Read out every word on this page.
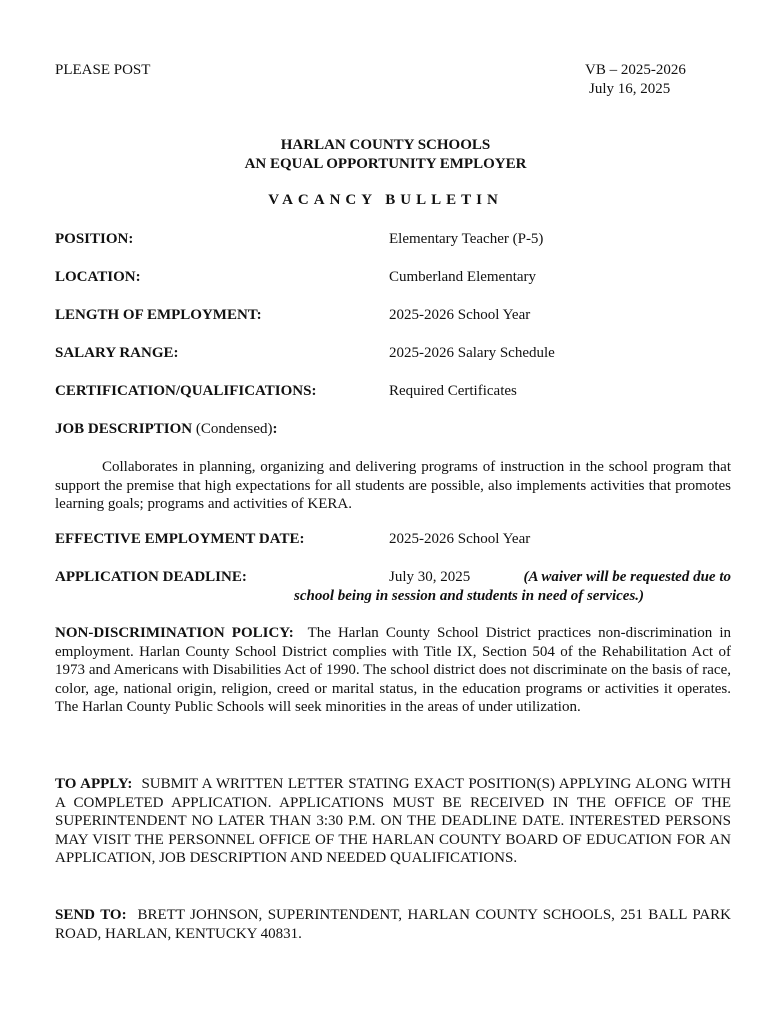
PLEASE POST	VB – 2025-2026
July 16, 2025
HARLAN COUNTY SCHOOLS
AN EQUAL OPPORTUNITY EMPLOYER
VACANCY BULLETIN
POSITION:	Elementary Teacher (P-5)
LOCATION:	Cumberland Elementary
LENGTH OF EMPLOYMENT:	2025-2026 School Year
SALARY RANGE:	2025-2026 Salary Schedule
CERTIFICATION/QUALIFICATIONS:	Required Certificates
JOB DESCRIPTION (Condensed):
Collaborates in planning, organizing and delivering programs of instruction in the school program that support the premise that high expectations for all students are possible, also implements activities that promotes learning goals; programs and activities of KERA.
EFFECTIVE EMPLOYMENT DATE:	2025-2026 School Year
APPLICATION DEADLINE:	July 30, 2025	(A waiver will be requested due to
school being in session and students in need of services.)
NON-DISCRIMINATION POLICY: The Harlan County School District practices non-discrimination in employment. Harlan County School District complies with Title IX, Section 504 of the Rehabilitation Act of 1973 and Americans with Disabilities Act of 1990. The school district does not discriminate on the basis of race, color, age, national origin, religion, creed or marital status, in the education programs or activities it operates. The Harlan County Public Schools will seek minorities in the areas of under utilization.
TO APPLY: SUBMIT A WRITTEN LETTER STATING EXACT POSITION(S) APPLYING ALONG WITH A COMPLETED APPLICATION. APPLICATIONS MUST BE RECEIVED IN THE OFFICE OF THE SUPERINTENDENT NO LATER THAN 3:30 P.M. ON THE DEADLINE DATE. INTERESTED PERSONS MAY VISIT THE PERSONNEL OFFICE OF THE HARLAN COUNTY BOARD OF EDUCATION FOR AN APPLICATION, JOB DESCRIPTION AND NEEDED QUALIFICATIONS.
SEND TO: BRETT JOHNSON, SUPERINTENDENT, HARLAN COUNTY SCHOOLS, 251 BALL PARK ROAD, HARLAN, KENTUCKY 40831.
